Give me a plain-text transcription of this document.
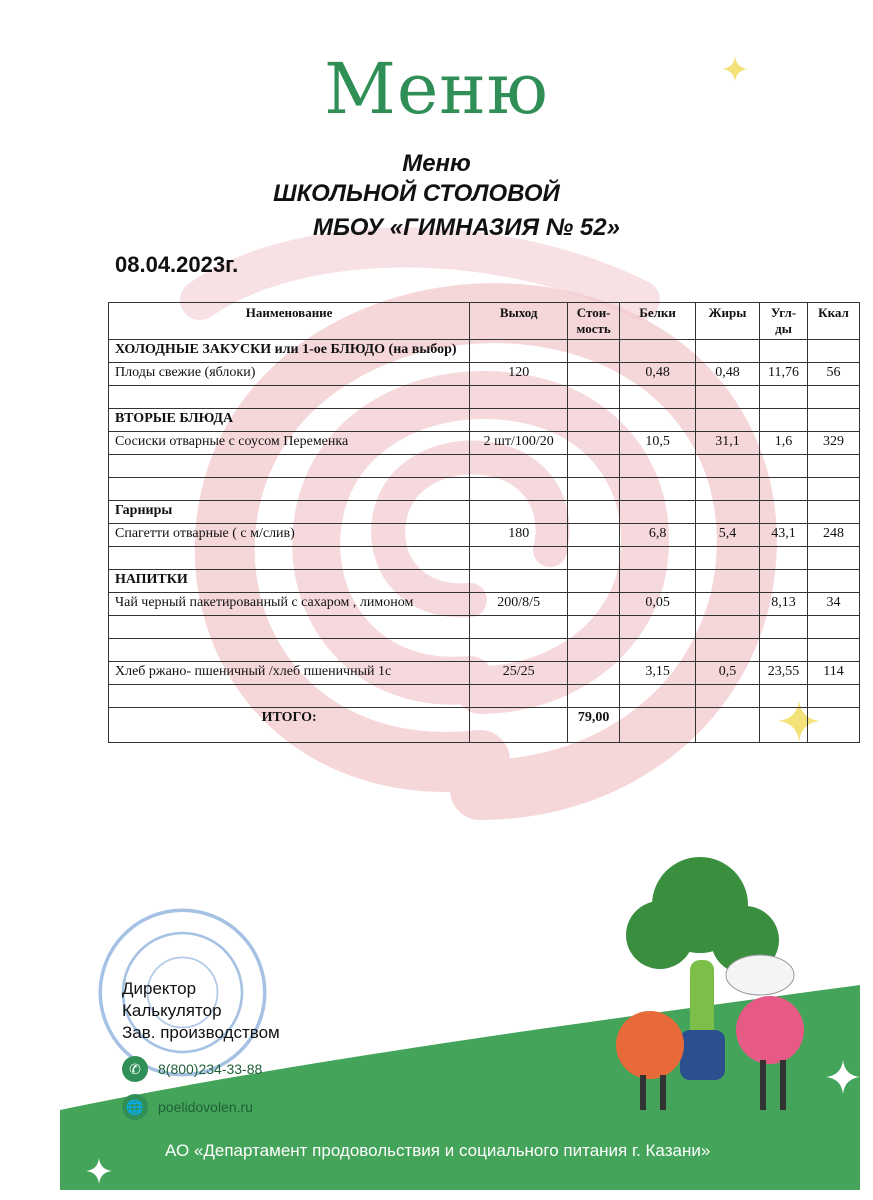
Меню
Меню
ШКОЛЬНОЙ СТОЛОВОЙ
МБОУ «ГИМНАЗИЯ № 52»
08.04.2023г.
Наименование	Выход	Стои-мость	Белки	Жиры	Угл-ды	Ккал
ХОЛОДНЫЕ ЗАКУСКИ или 1-ое БЛЮДО (на выбор)						
Плоды свежие (яблоки)	120		0,48	0,48	11,76	56

ВТОРЫЕ БЛЮДА						
Сосиски отварные с соусом Переменка	2 шт/100/20		10,5	31,1	1,6	329

Гарниры						
Спагетти отварные ( с м/слив)	180		6,8	5,4	43,1	248

НАПИТКИ						
Чай черный пакетированный с сахаром , лимоном	200/8/5		0,05		8,13	34

Хлеб ржано- пшеничный /хлеб пшеничный 1с	25/25		3,15	0,5	23,55	114

ИТОГО:		79,00				
Директор
Калькулятор
Зав. производством
✆	8(800)234-33-88
🌐	poelidovolen.ru
АО «Департамент продовольствия и социального питания г. Казани»
